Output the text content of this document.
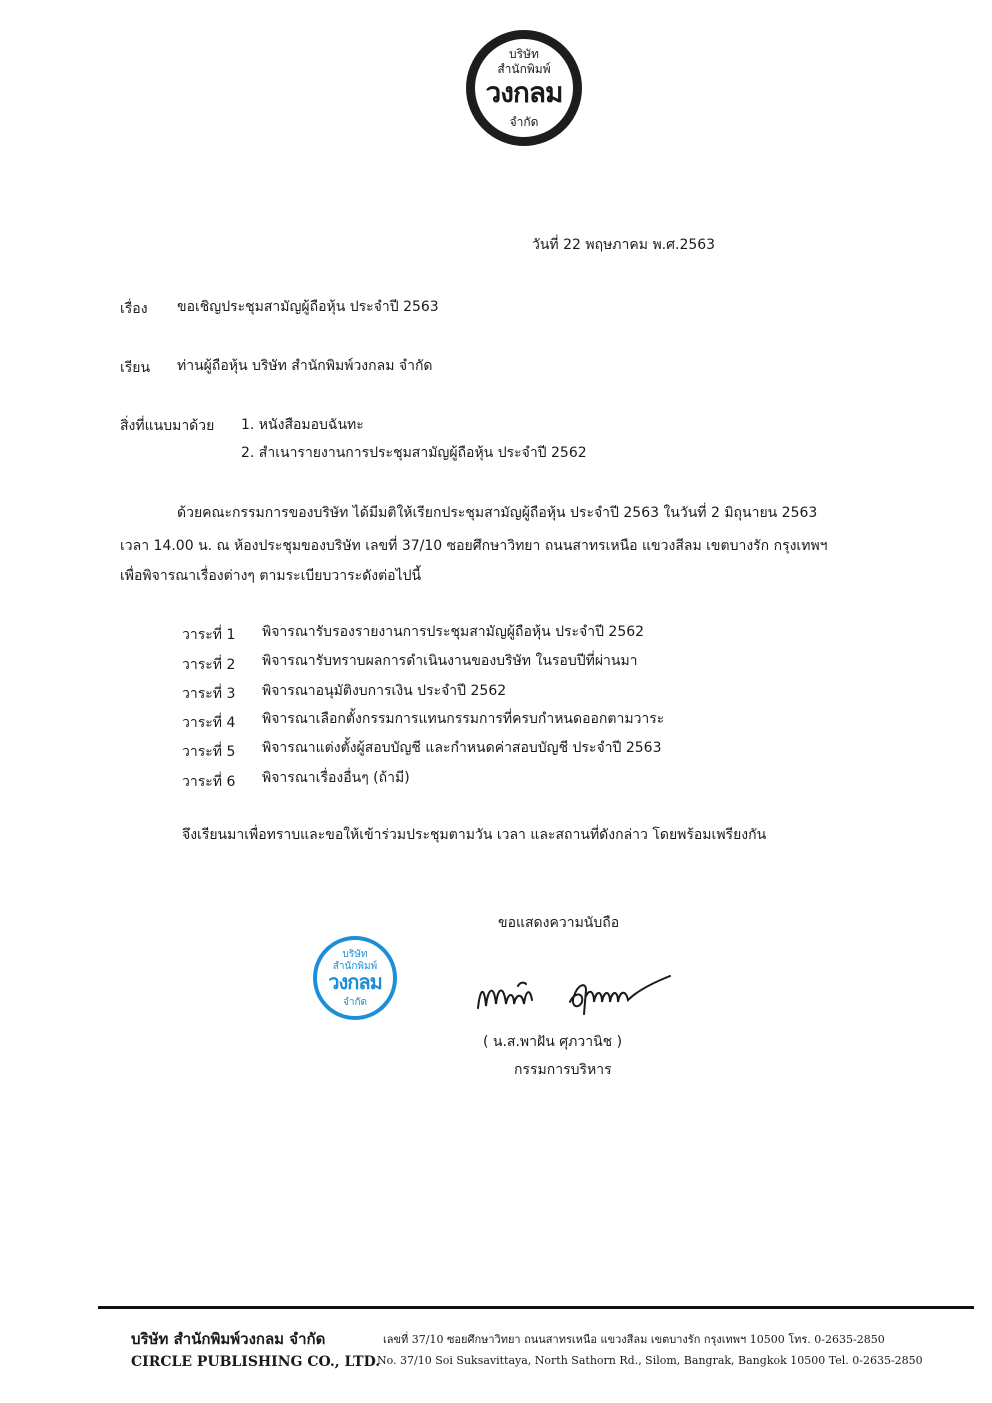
บริษัท
สำนักพิมพ์
วงกลม
จำกัด
วันที่ 22 พฤษภาคม พ.ศ.2563
เรื่อง ขอเชิญประชุมสามัญผู้ถือหุ้น ประจำปี 2563
เรียน ท่านผู้ถือหุ้น บริษัท สำนักพิมพ์วงกลม จำกัด
สิ่งที่แนบมาด้วย 1. หนังสือมอบฉันทะ
2. สำเนารายงานการประชุมสามัญผู้ถือหุ้น ประจำปี 2562
ด้วยคณะกรรมการของบริษัท ได้มีมติให้เรียกประชุมสามัญผู้ถือหุ้น ประจำปี 2563 ในวันที่ 2 มิถุนายน 2563
เวลา 14.00 น. ณ ห้องประชุมของบริษัท เลขที่ 37/10 ซอยศึกษาวิทยา ถนนสาทรเหนือ แขวงสีลม เขตบางรัก กรุงเทพฯ
เพื่อพิจารณาเรื่องต่างๆ ตามระเบียบวาระดังต่อไปนี้
วาระที่ 1 พิจารณารับรองรายงานการประชุมสามัญผู้ถือหุ้น ประจำปี 2562
วาระที่ 2 พิจารณารับทราบผลการดำเนินงานของบริษัท ในรอบปีที่ผ่านมา
วาระที่ 3 พิจารณาอนุมัติงบการเงิน ประจำปี 2562
วาระที่ 4 พิจารณาเลือกตั้งกรรมการแทนกรรมการที่ครบกำหนดออกตามวาระ
วาระที่ 5 พิจารณาแต่งตั้งผู้สอบบัญชี และกำหนดค่าสอบบัญชี ประจำปี 2563
วาระที่ 6 พิจารณาเรื่องอื่นๆ (ถ้ามี)
จึงเรียนมาเพื่อทราบและขอให้เข้าร่วมประชุมตามวัน เวลา และสถานที่ดังกล่าว โดยพร้อมเพรียงกัน
ขอแสดงความนับถือ
บริษัท
สำนักพิมพ์
วงกลม
จำกัด
( น.ส.พาฝัน ศุภวานิช )
กรรมการบริหาร
บริษัท สำนักพิมพ์วงกลม จำกัด	เลขที่ 37/10 ซอยศึกษาวิทยา ถนนสาทรเหนือ แขวงสีลม เขตบางรัก กรุงเทพฯ 10500 โทร. 0-2635-2850
CIRCLE PUBLISHING CO., LTD.
No. 37/10 Soi Suksavittaya, North Sathorn Rd., Silom, Bangrak, Bangkok 10500 Tel. 0-2635-2850
